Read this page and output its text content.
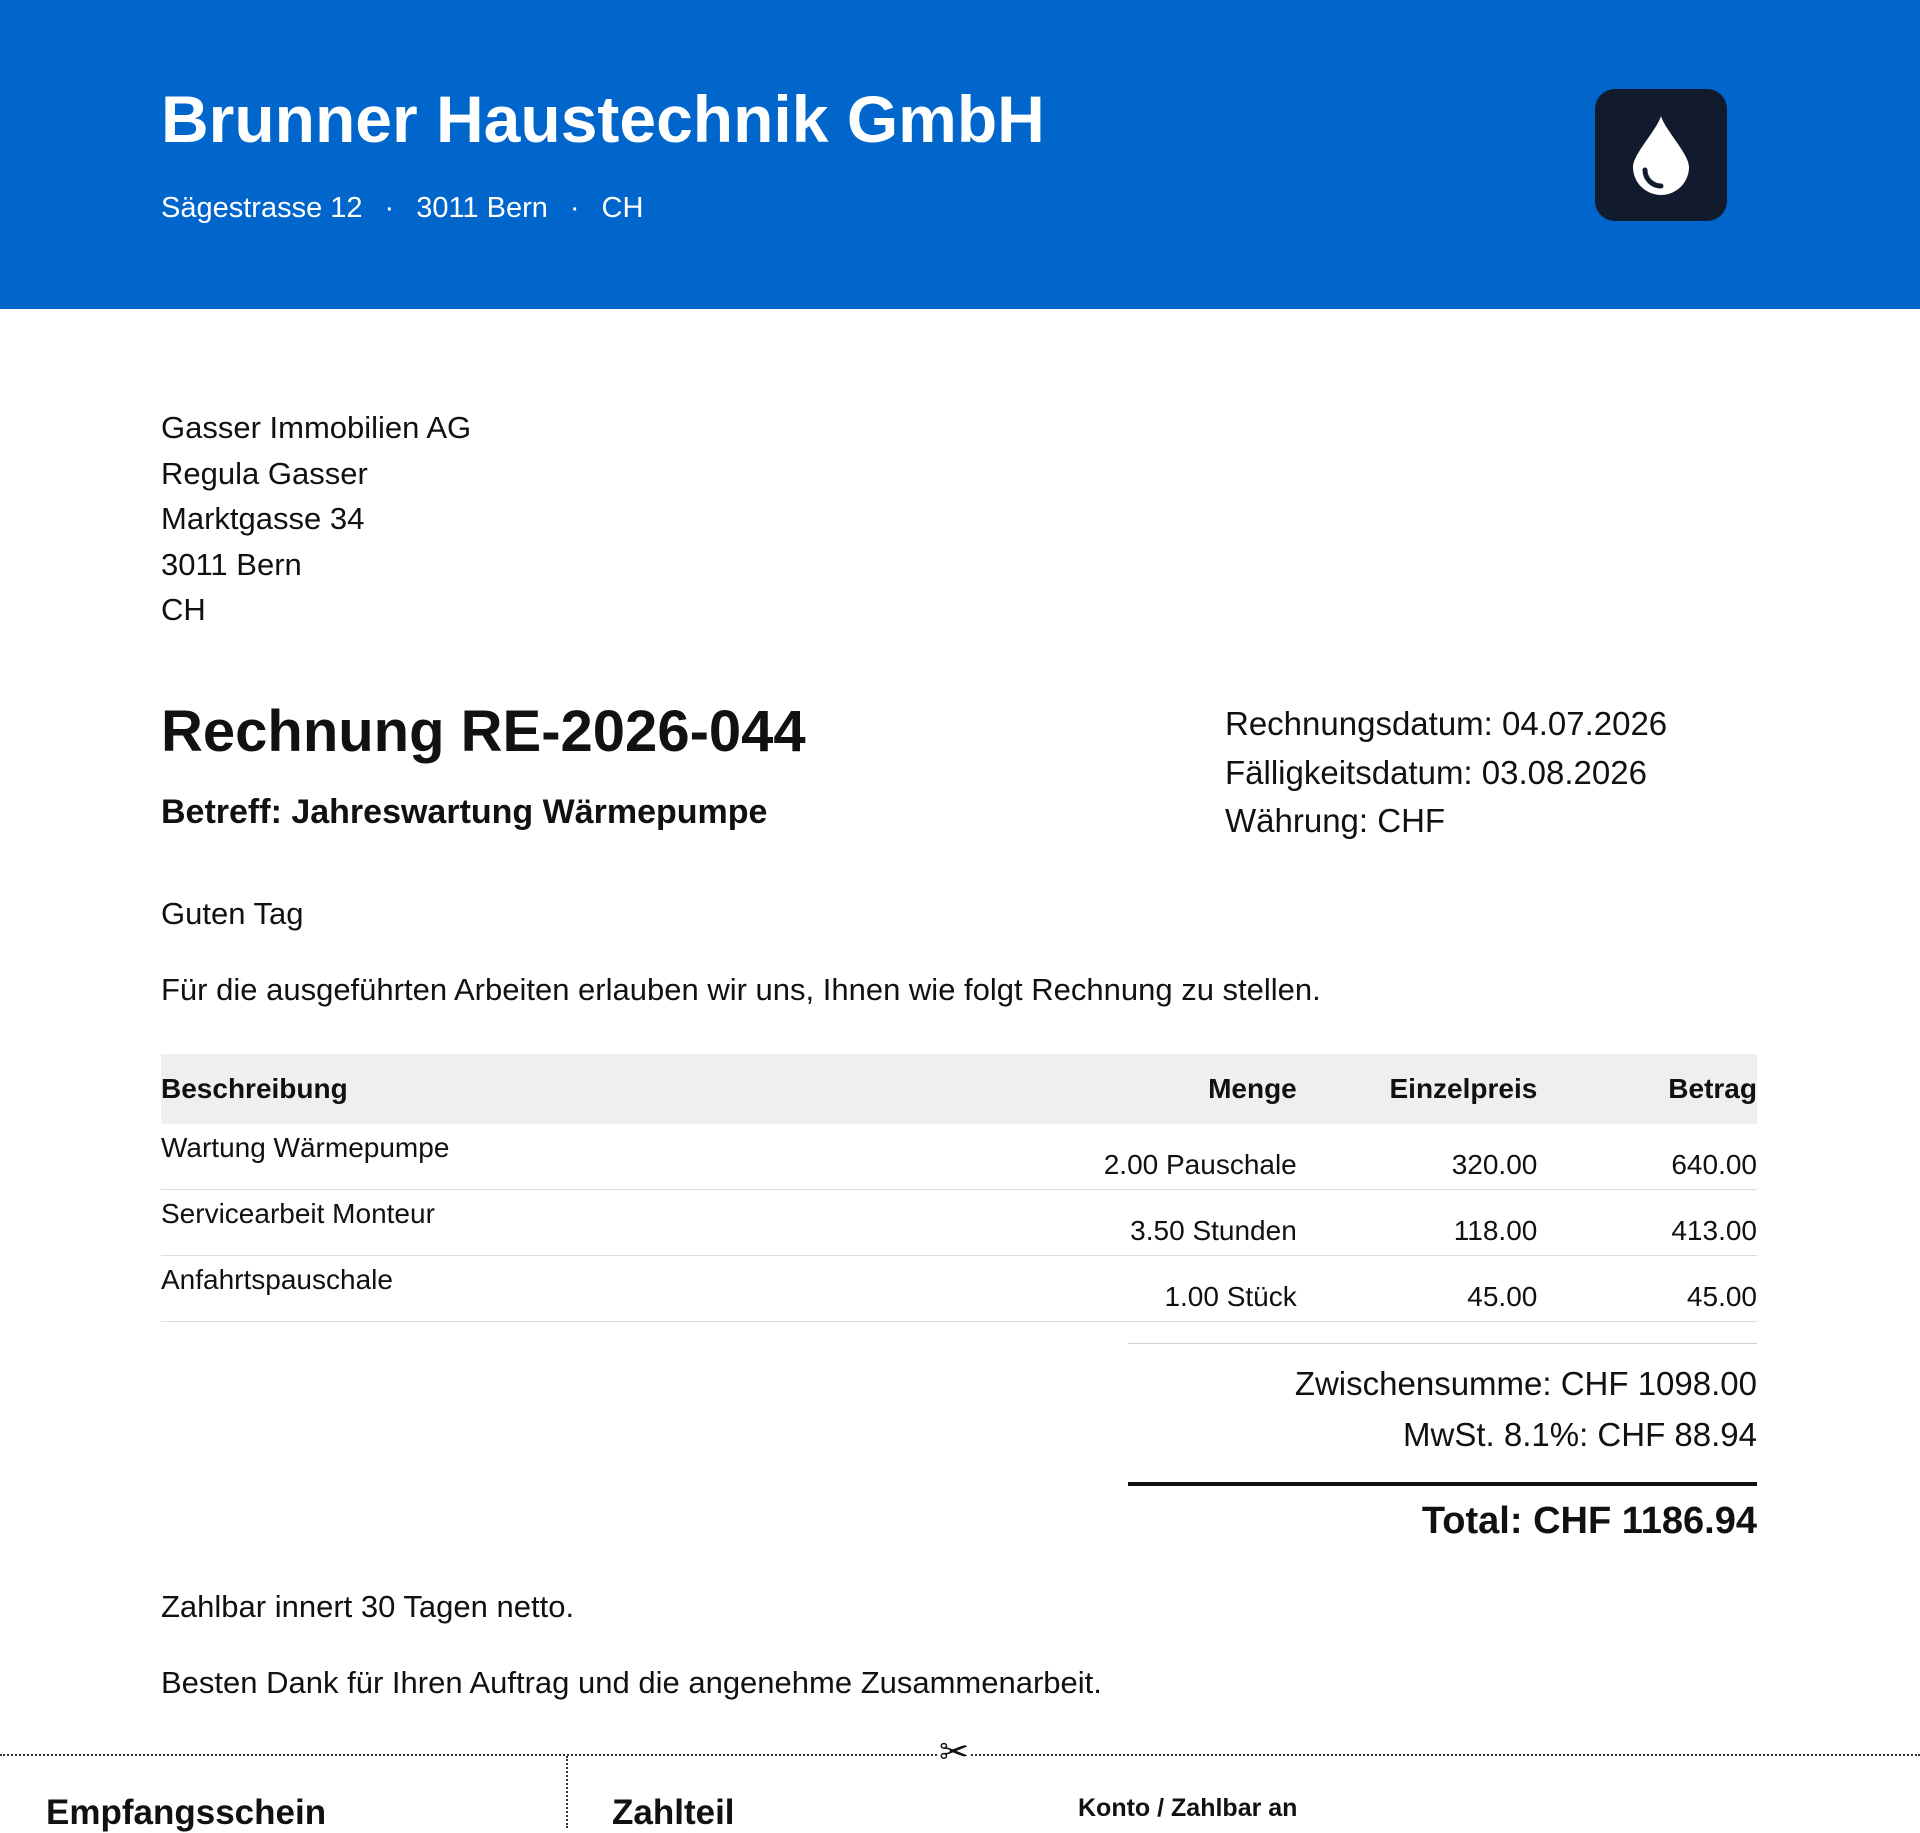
Brunner Haustechnik GmbH
Sägestrasse 12 · 3011 Bern · CH
Gasser Immobilien AG
Regula Gasser
Marktgasse 34
3011 Bern
CH
Rechnung RE-2026-044
Betreff: Jahreswartung Wärmepumpe
Rechnungsdatum: 04.07.2026
Fälligkeitsdatum: 03.08.2026
Währung: CHF
Guten Tag
Für die ausgeführten Arbeiten erlauben wir uns, Ihnen wie folgt Rechnung zu stellen.
Beschreibung	Menge	Einzelpreis	Betrag
Wartung Wärmepumpe	2.00 Pauschale	320.00	640.00
Servicearbeit Monteur	3.50 Stunden	118.00	413.00
Anfahrtspauschale	1.00 Stück	45.00	45.00
Zwischensumme: CHF 1098.00
MwSt. 8.1%: CHF 88.94
Total: CHF 1186.94
Zahlbar innert 30 Tagen netto.
Besten Dank für Ihren Auftrag und die angenehme Zusammenarbeit.
✂
Empfangsschein	Zahlteil	Konto / Zahlbar an
